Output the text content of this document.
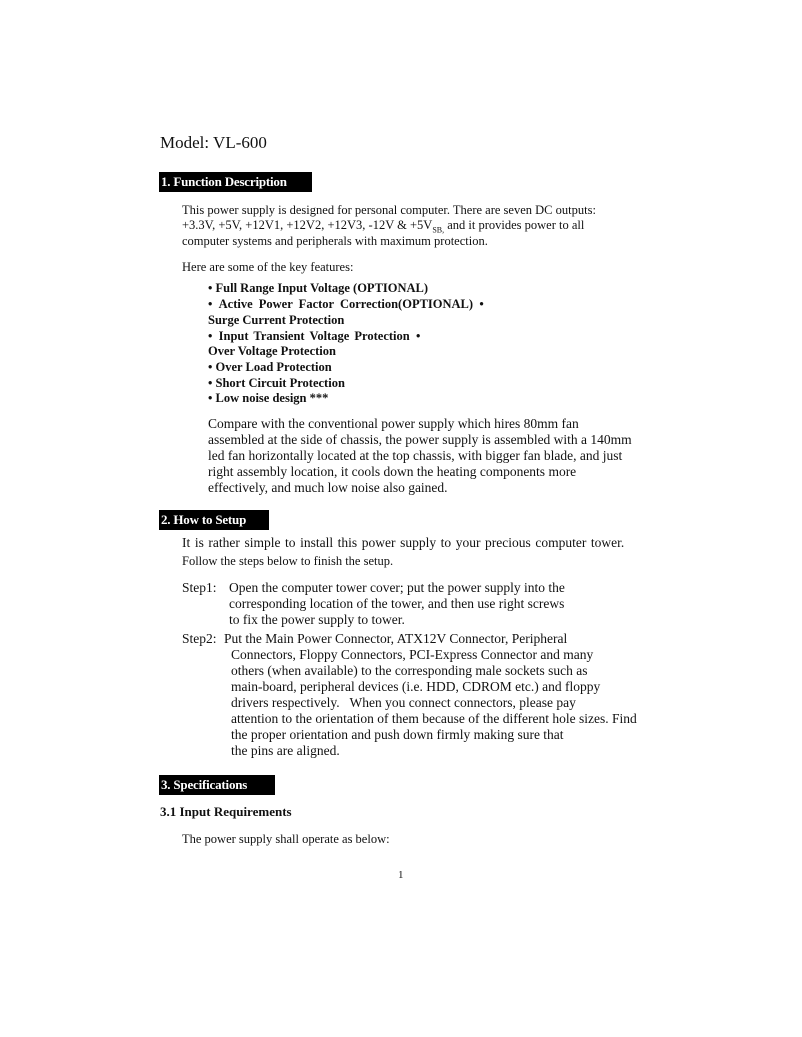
Model: VL-600
1. Function Description
This power supply is designed for personal computer. There are seven DC outputs:
+3.3V, +5V, +12V1, +12V2, +12V3, -12V & $+5V_{SB,}$ and it provides power to all
computer systems and peripherals with maximum protection.
Here are some of the key features:
• Full Range Input Voltage (OPTIONAL)
• Active Power Factor Correction(OPTIONAL) •
Surge Current Protection
• Input Transient Voltage Protection •
Over Voltage Protection
• Over Load Protection
• Short Circuit Protection
• Low noise design ***
Compare with the conventional power supply which hires 80mm fan
assembled at the side of chassis, the power supply is assembled with a 140mm
led fan horizontally located at the top chassis, with bigger fan blade, and just
right assembly location, it cools down the heating components more
effectively, and much low noise also gained.
2. How to Setup
It is rather simple to install this power supply to your precious computer tower.
Follow the steps below to finish the setup.
Step1: Open the computer tower cover; put the power supply into the
corresponding location of the tower, and then use right screws
to fix the power supply to tower.
Step2: Put the Main Power Connector, ATX12V Connector, Peripheral
Connectors, Floppy Connectors, PCI-Express Connector and many
others (when available) to the corresponding male sockets such as
main-board, peripheral devices (i.e. HDD, CDROM etc.) and floppy
drivers respectively.   When you connect connectors, please pay
attention to the orientation of them because of the different hole sizes. Find
the proper orientation and push down firmly making sure that
the pins are aligned.
3. Specifications
3.1 Input Requirements
The power supply shall operate as below:
1
